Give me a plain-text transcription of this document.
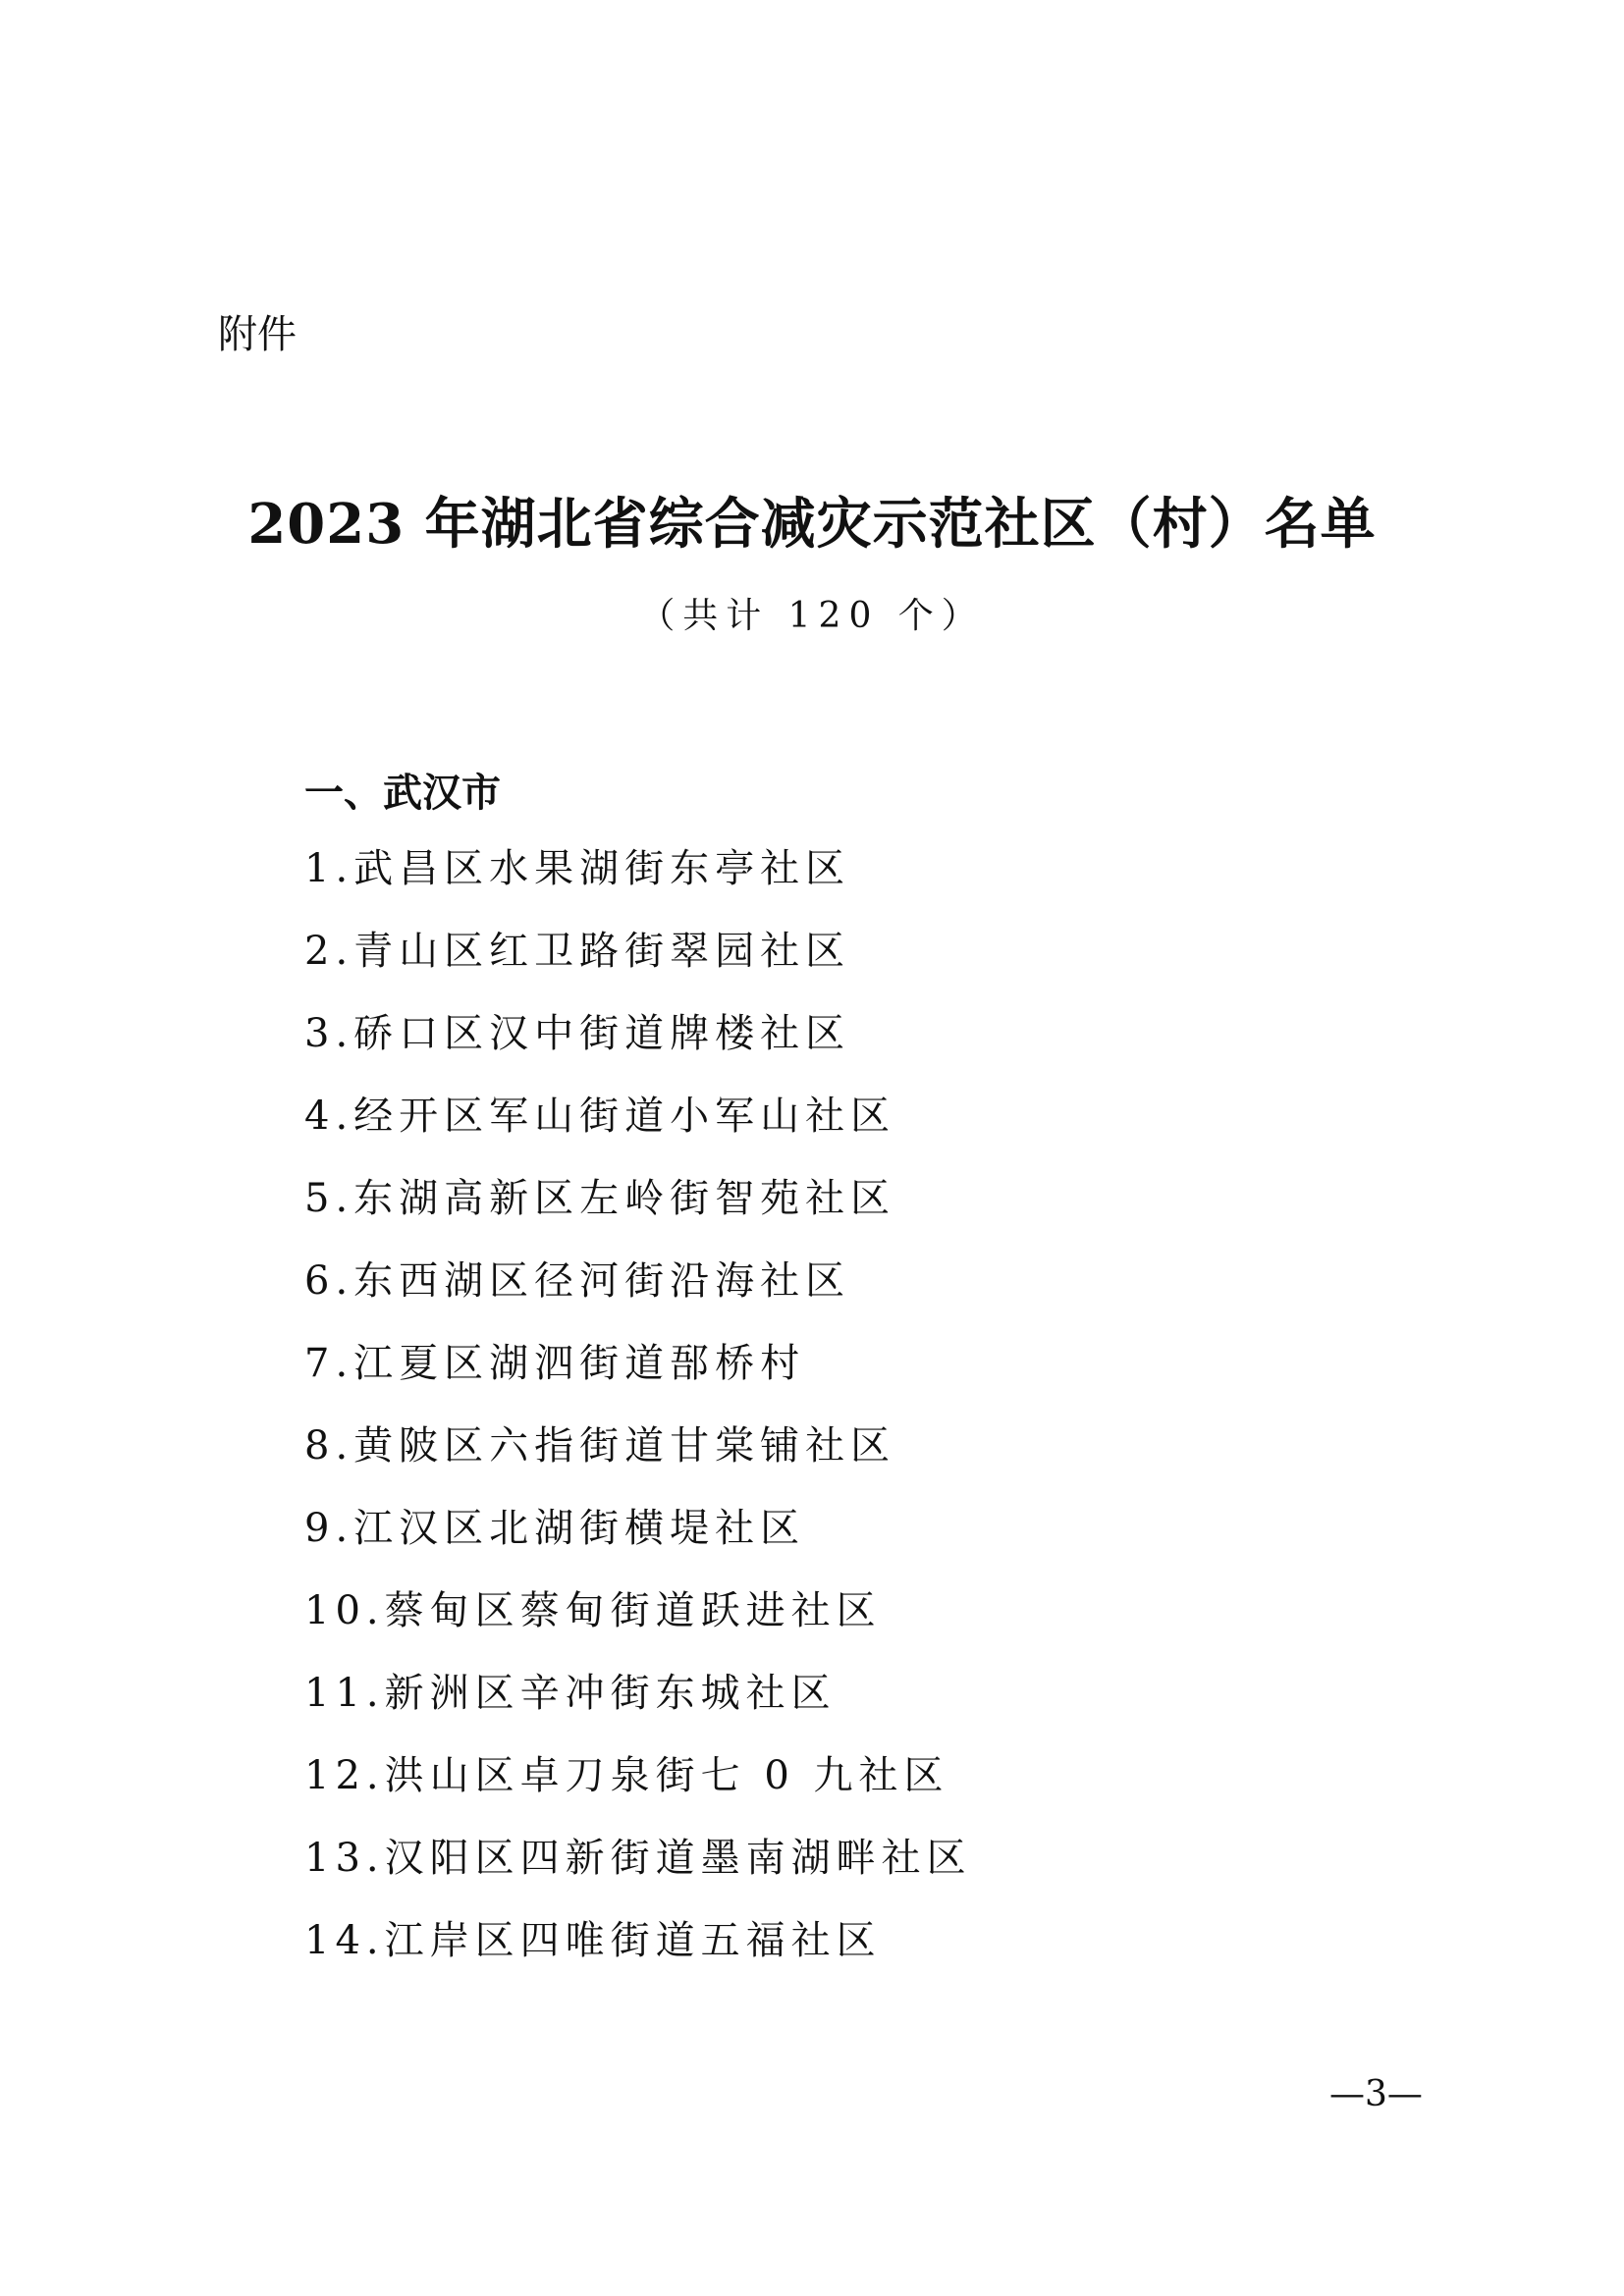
附件
2023 年湖北省综合减灾示范社区（村）名单
（共计 120 个）
一、武汉市
1.武昌区水果湖街东亭社区
2.青山区红卫路街翠园社区
3.硚口区汉中街道牌楼社区
4.经开区军山街道小军山社区
5.东湖高新区左岭街智苑社区
6.东西湖区径河街沿海社区
7.江夏区湖泗街道郚桥村
8.黄陂区六指街道甘棠铺社区
9.江汉区北湖街横堤社区
10.蔡甸区蔡甸街道跃进社区
11.新洲区辛冲街东城社区
12.洪山区卓刀泉街七 0 九社区
13.汉阳区四新街道墨南湖畔社区
14.江岸区四唯街道五福社区
—3—
